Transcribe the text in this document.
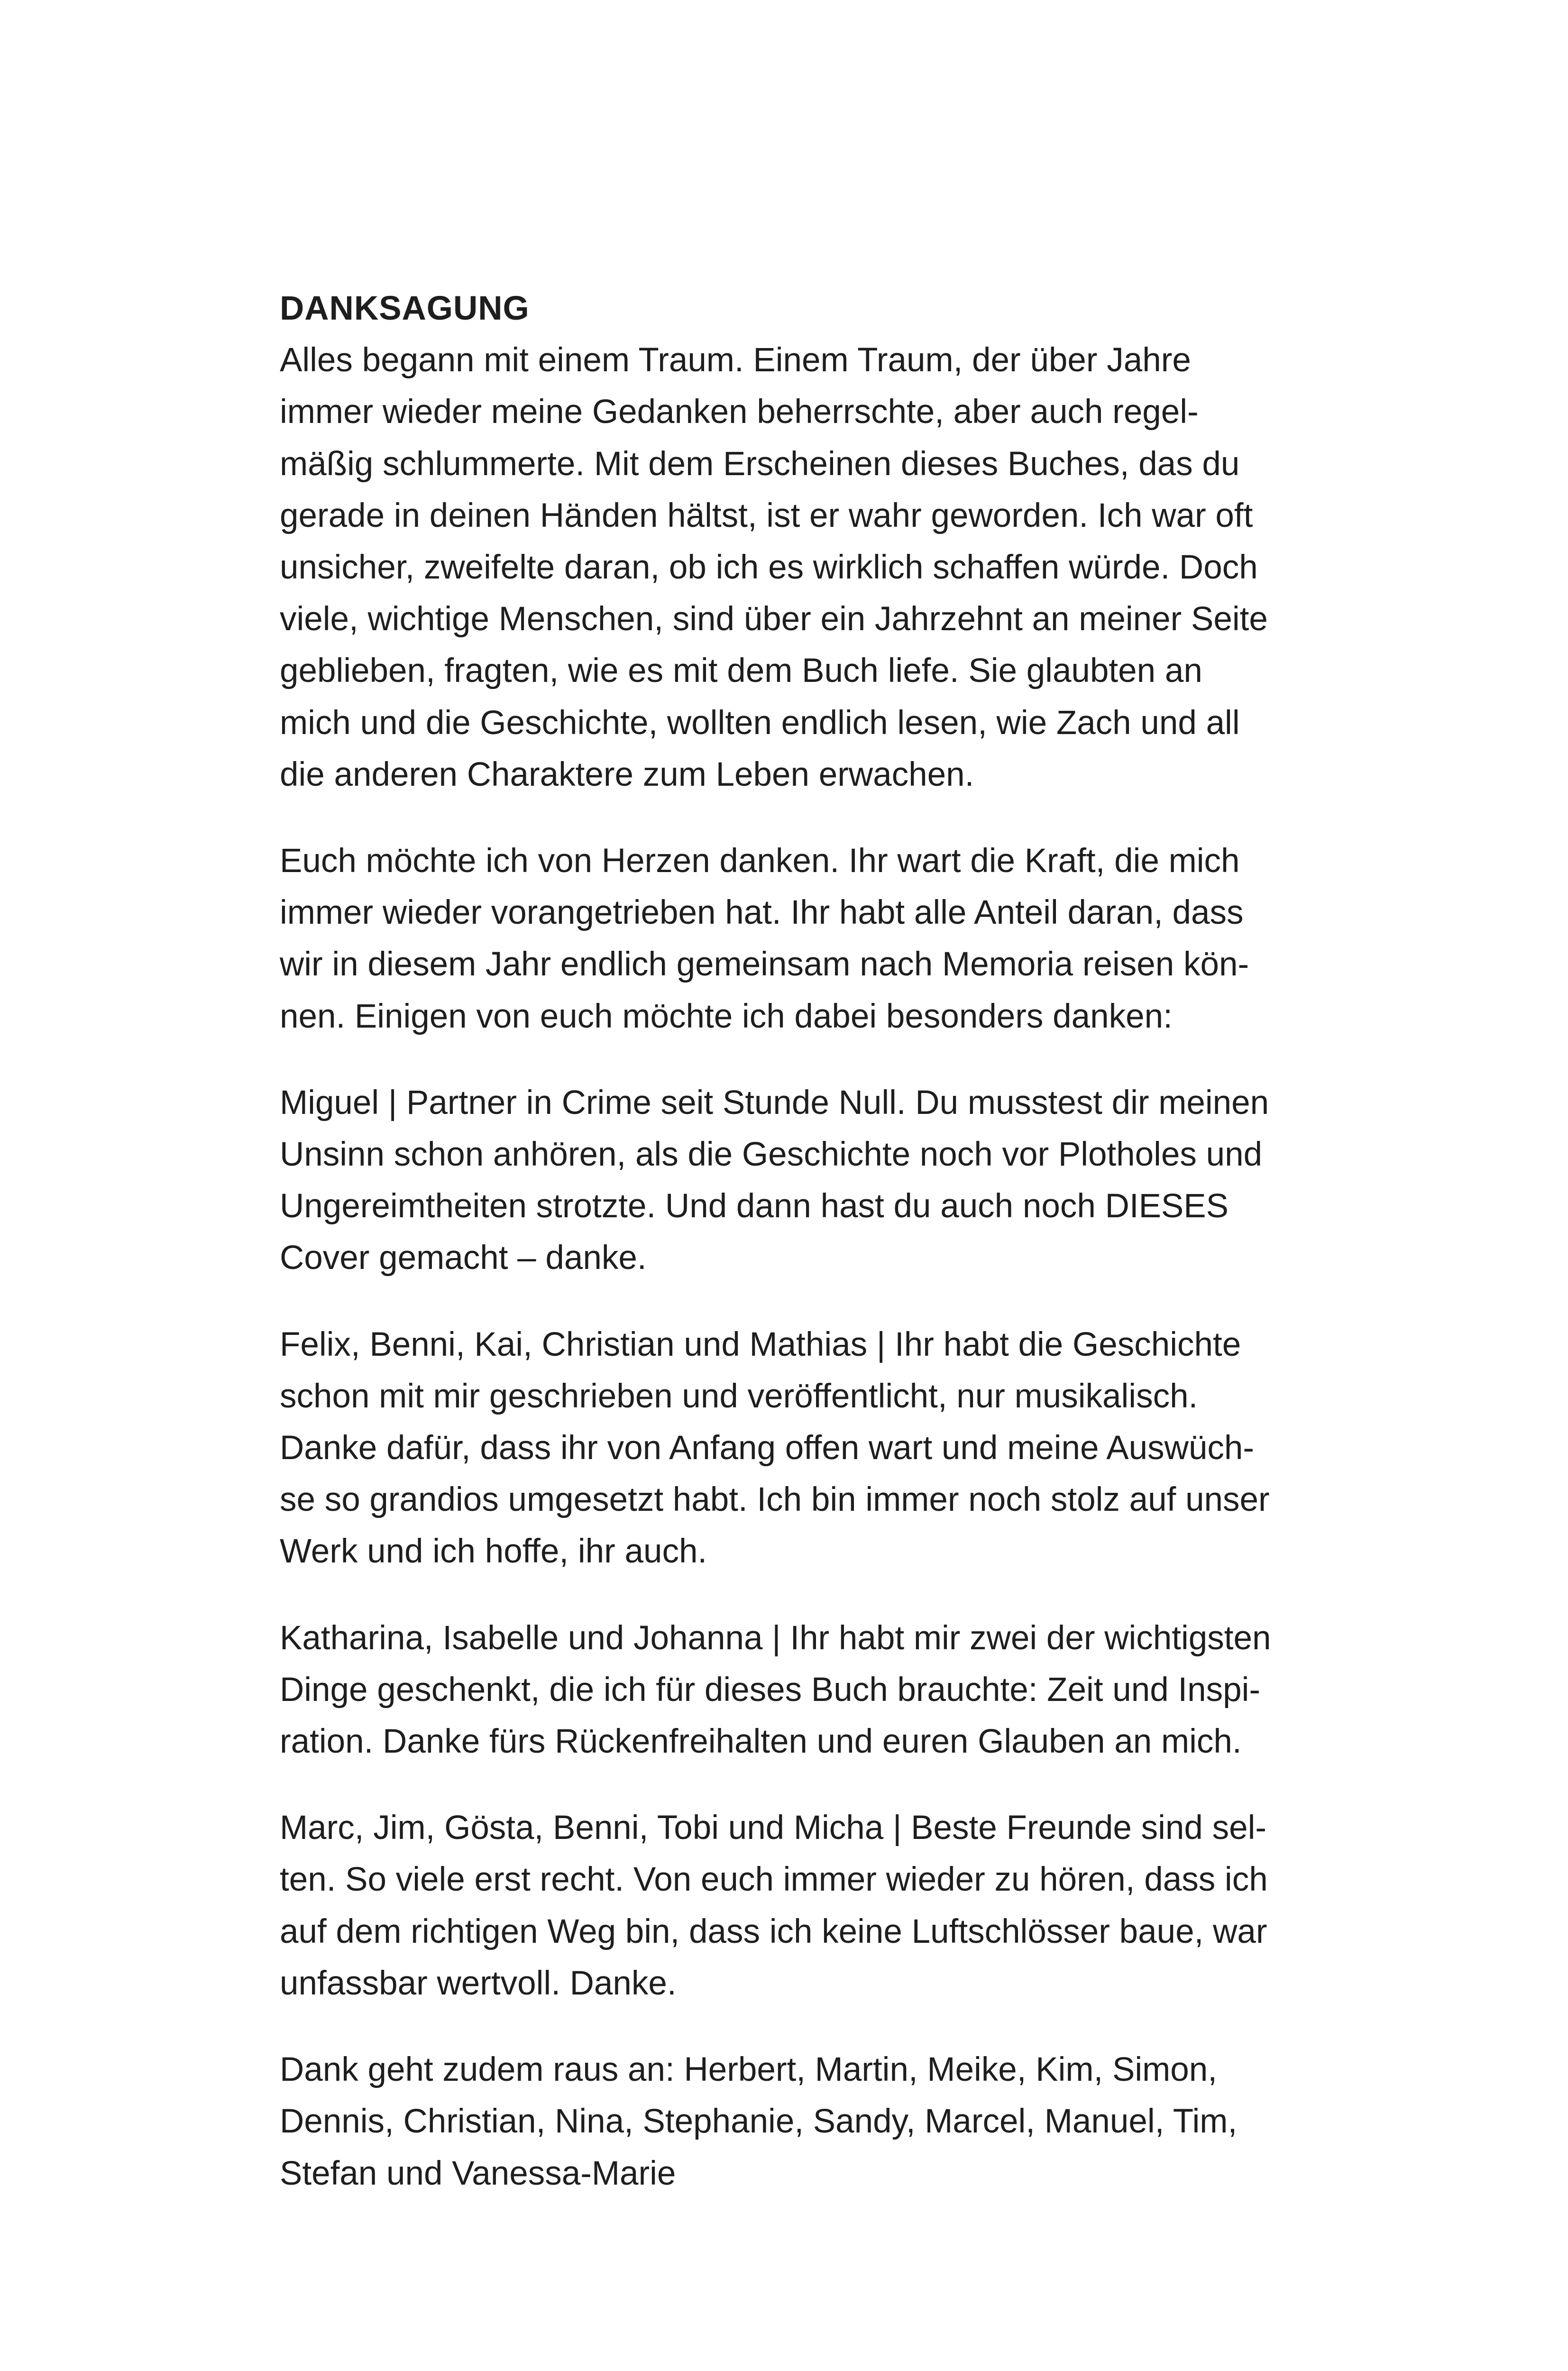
DANKSAGUNG
Alles begann mit einem Traum. Einem Traum, der über Jahre
immer wieder meine Gedanken beherrschte, aber auch regel-
mäßig schlummerte. Mit dem Erscheinen dieses Buches, das du
gerade in deinen Händen hältst, ist er wahr geworden. Ich war oft
unsicher, zweifelte daran, ob ich es wirklich schaffen würde. Doch
viele, wichtige Menschen, sind über ein Jahrzehnt an meiner Seite
geblieben, fragten, wie es mit dem Buch liefe. Sie glaubten an
mich und die Geschichte, wollten endlich lesen, wie Zach und all
die anderen Charaktere zum Leben erwachen.
Euch möchte ich von Herzen danken. Ihr wart die Kraft, die mich
immer wieder vorangetrieben hat. Ihr habt alle Anteil daran, dass
wir in diesem Jahr endlich gemeinsam nach Memoria reisen kön-
nen. Einigen von euch möchte ich dabei besonders danken:
Miguel | Partner in Crime seit Stunde Null. Du musstest dir meinen
Unsinn schon anhören, als die Geschichte noch vor Plotholes und
Ungereimtheiten strotzte. Und dann hast du auch noch DIESES
Cover gemacht – danke.
Felix, Benni, Kai, Christian und Mathias | Ihr habt die Geschichte
schon mit mir geschrieben und veröffentlicht, nur musikalisch.
Danke dafür, dass ihr von Anfang offen wart und meine Auswüch-
se so grandios umgesetzt habt. Ich bin immer noch stolz auf unser
Werk und ich hoffe, ihr auch.
Katharina, Isabelle und Johanna | Ihr habt mir zwei der wichtigsten
Dinge geschenkt, die ich für dieses Buch brauchte: Zeit und Inspi-
ration. Danke fürs Rückenfreihalten und euren Glauben an mich.
Marc, Jim, Gösta, Benni, Tobi und Micha | Beste Freunde sind sel-
ten. So viele erst recht. Von euch immer wieder zu hören, dass ich
auf dem richtigen Weg bin, dass ich keine Luftschlösser baue, war
unfassbar wertvoll. Danke.
Dank geht zudem raus an: Herbert, Martin, Meike, Kim, Simon,
Dennis, Christian, Nina, Stephanie, Sandy, Marcel, Manuel, Tim,
Stefan und Vanessa-Marie
